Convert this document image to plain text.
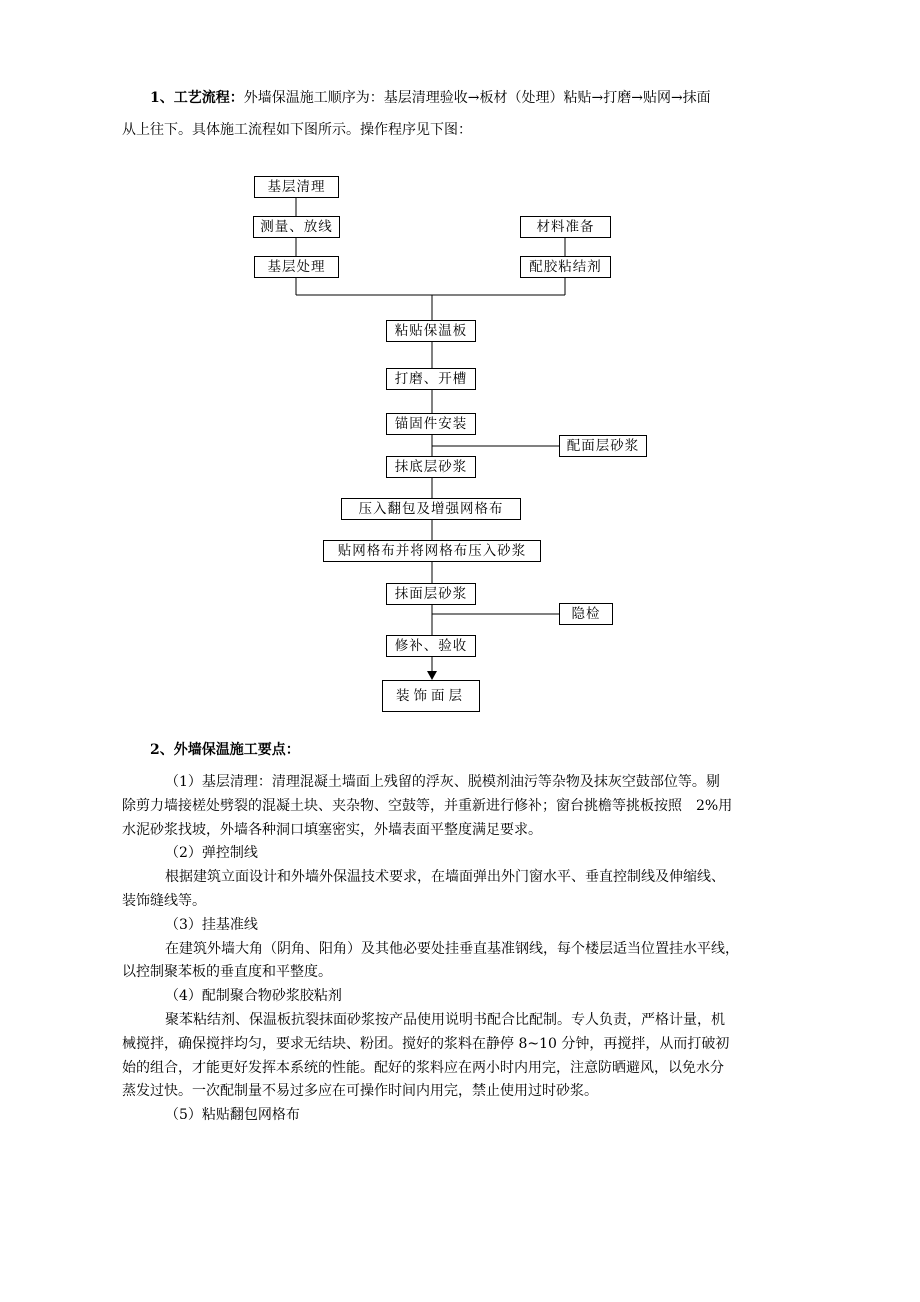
1、工艺流程：外墙保温施工顺序为：基层清理验收→板材（处理）粘贴→打磨→贴网→抹面
从上往下。具体施工流程如下图所示。操作程序见下图：
基层清理
测量、放线
基层处理
材料准备
配胶粘结剂
粘贴保温板
打磨、开槽
锚固件安装
配面层砂浆
抹底层砂浆
压入翻包及增强网格布
贴网格布并将网格布压入砂浆
抹面层砂浆
隐检
修补、验收
装饰面层
2、外墙保温施工要点：
（1）基层清理：清理混凝土墙面上残留的浮灰、脱模剂油污等杂物及抹灰空鼓部位等。剔
除剪力墙接槎处劈裂的混凝土块、夹杂物、空鼓等，并重新进行修补；窗台挑檐等挑板按照　2%用
水泥砂浆找坡，外墙各种洞口填塞密实，外墙表面平整度满足要求。
（2）弹控制线
根据建筑立面设计和外墙外保温技术要求，在墙面弹出外门窗水平、垂直控制线及伸缩线、
装饰缝线等。
（3）挂基准线
在建筑外墙大角（阴角、阳角）及其他必要处挂垂直基准钢线，每个楼层适当位置挂水平线，
以控制聚苯板的垂直度和平整度。
（4）配制聚合物砂浆胶粘剂
聚苯粘结剂、保温板抗裂抹面砂浆按产品使用说明书配合比配制。专人负责，严格计量，机
械搅拌，确保搅拌均匀，要求无结块、粉团。搅好的浆料在静停 8~10 分钟，再搅拌，从而打破初
始的组合，才能更好发挥本系统的性能。配好的浆料应在两小时内用完，注意防晒避风，以免水分
蒸发过快。一次配制量不易过多应在可操作时间内用完，禁止使用过时砂浆。
（5）粘贴翻包网格布
